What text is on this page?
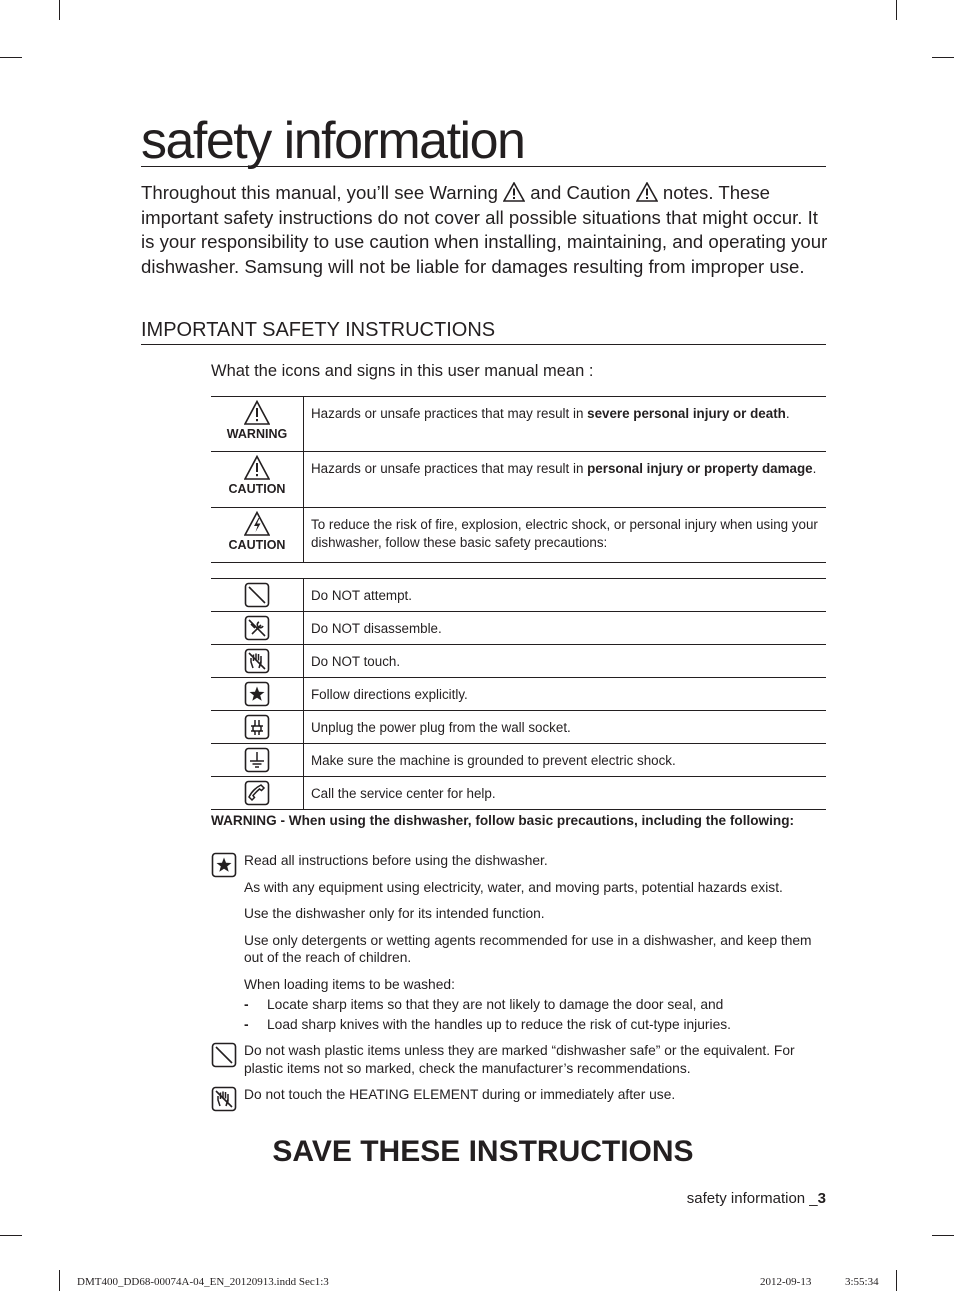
safety information
Throughout this manual, you’ll see Warning  and Caution  notes. These important safety instructions do not cover all possible situations that might occur. It is your responsibility to use caution when installing, maintaining, and operating your dishwasher. Samsung will not be liable for damages resulting from improper use.
IMPORTANT SAFETY INSTRUCTIONS
What the icons and signs in this user manual mean :
WARNING	Hazards or unsafe practices that may result in severe personal injury or death.

CAUTION	Hazards or unsafe practices that may result in personal injury or property damage.

CAUTION	To reduce the risk of fire, explosion, electric shock, or personal injury when using your dishwasher, follow these basic safety precautions:
	Do NOT attempt.
	Do NOT disassemble.
	Do NOT touch.
	Follow directions explicitly.
	Unplug the power plug from the wall socket.
	Make sure the machine is grounded to prevent electric shock.
	Call the service center for help.
WARNING - When using the dishwasher, follow basic precautions, including the following:
Read all instructions before using the dishwasher.
As with any equipment using electricity, water, and moving parts, potential hazards exist.
Use the dishwasher only for its intended function.
Use only detergents or wetting agents recommended for use in a dishwasher, and keep them out of the reach of children.
When loading items to be washed:
- Locate sharp items so that they are not likely to damage the door seal, and
- Load sharp knives with the handles up to reduce the risk of cut-type injuries.
Do not wash plastic items unless they are marked “dishwasher safe” or the equivalent. For plastic items not so marked, check the manufacturer’s recommendations.
Do not touch the HEATING ELEMENT during or immediately after use.
SAVE THESE INSTRUCTIONS
safety information _3
DMT400_DD68-00074A-04_EN_20120913.indd Sec1:3	2012-09-13	3:55:34
